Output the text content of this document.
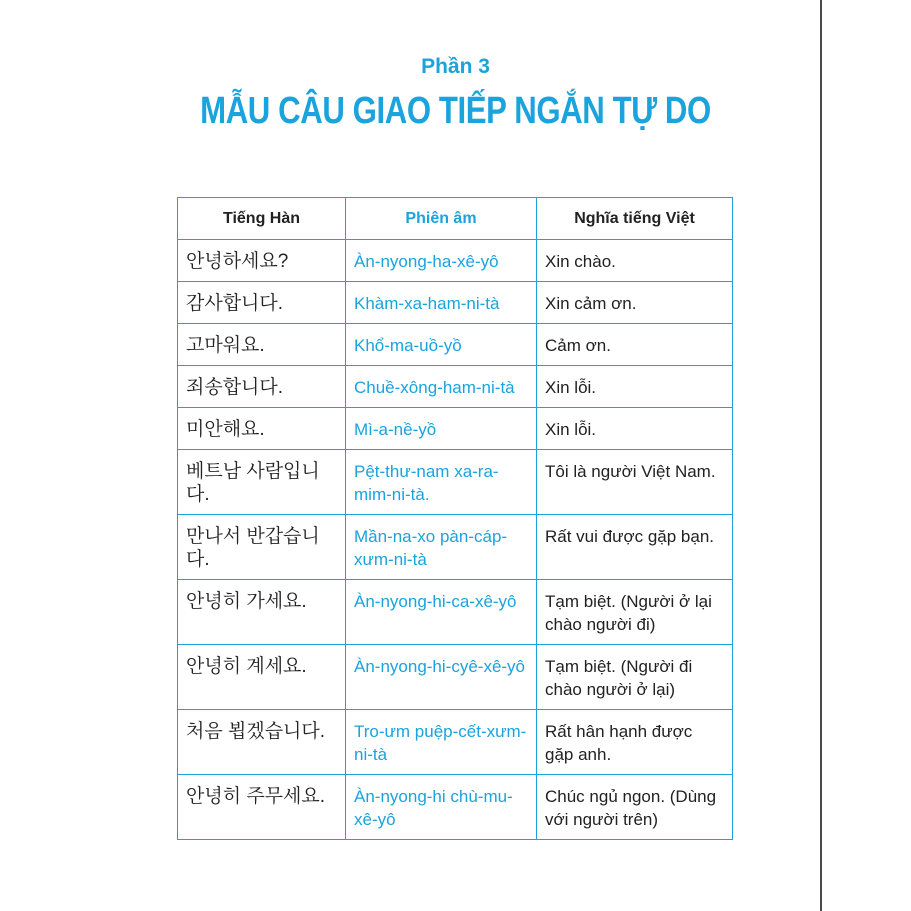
Phần 3
MẪU CÂU GIAO TIẾP NGẮN TỰ DO
Tiếng Hàn	Phiên âm	Nghĩa tiếng Việt
안녕하세요?	Àn-nyong-ha-xê-yô	Xin chào.
감사합니다.	Khàm-xa-ham-ni-tà	Xin cảm ơn.
고마워요.	Khổ-ma-uồ-yồ	Cảm ơn.
죄송합니다.	Chuề-xông-ham-ni-tà	Xin lỗi.
미안해요.	Mì-a-nề-yồ	Xin lỗi.
베트남 사람입니다.	Pệt-thư-nam xa-ra-mim-ni-tà.	Tôi là người Việt Nam.
만나서 반갑습니다.	Mần-na-xo pàn-cáp-xưm-ni-tà	Rất vui được gặp bạn.
안녕히 가세요.	Àn-nyong-hi-ca-xê-yô	Tạm biệt. (Người ở lại chào người đi)
안녕히 계세요.	Àn-nyong-hi-cyê-xê-yô	Tạm biệt. (Người đi chào người ở lại)
처음 뵙겠습니다.	Tro-ưm puệp-cết-xưm-ni-tà	Rất hân hạnh được gặp anh.
안녕히 주무세요.	Àn-nyong-hi chù-mu-xê-yô	Chúc ngủ ngon. (Dùng với người trên)
